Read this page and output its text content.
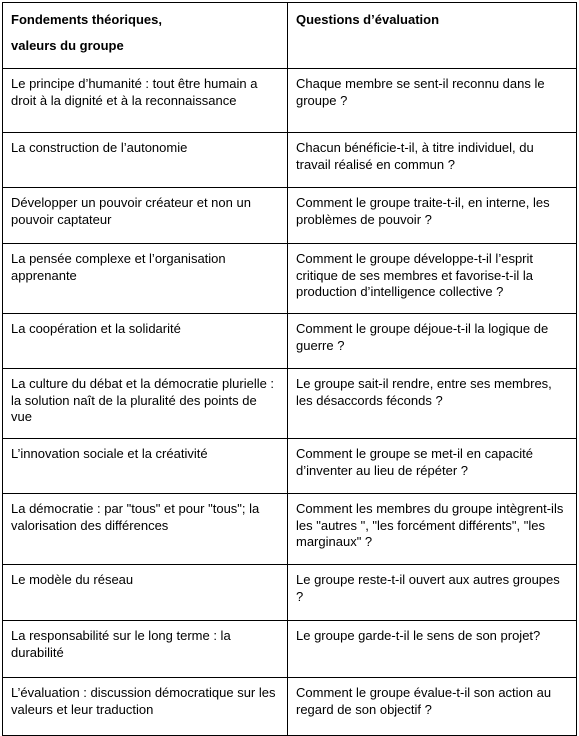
Fondements théoriques,
valeurs du groupe	Questions d’évaluation
Le principe d’humanité : tout être humain a droit à la dignité et à la reconnaissance	Chaque membre se sent-il reconnu dans le groupe ?
La construction de l’autonomie	Chacun bénéficie-t-il, à titre individuel, du travail réalisé en commun ?
Développer un pouvoir créateur et non un pouvoir captateur	Comment le groupe traite-t-il, en interne, les problèmes de pouvoir ?
La pensée complexe et l’organisation apprenante	Comment le groupe développe-t-il l’esprit critique de ses membres et favorise-t-il la production d’intelligence collective ?
La coopération et la solidarité	Comment le groupe déjoue-t-il la logique de guerre ?
La culture du débat et la démocratie plurielle : la solution naît de la pluralité des points de vue	Le groupe sait-il rendre, entre ses membres, les désaccords féconds ?
L’innovation sociale et la créativité	Comment le groupe se met-il en capacité d’inventer au lieu de répéter ?
La démocratie : par "tous" et pour "tous"; la valorisation des différences	Comment les membres du groupe intègrent-ils les "autres ", "les forcément différents", "les marginaux" ?
Le modèle du réseau	Le groupe reste-t-il ouvert aux autres groupes ?
La responsabilité sur le long terme : la durabilité	Le groupe garde-t-il le sens de son projet?
L’évaluation : discussion démocratique sur les valeurs et leur traduction	Comment le groupe évalue-t-il son action au regard de son objectif ?
